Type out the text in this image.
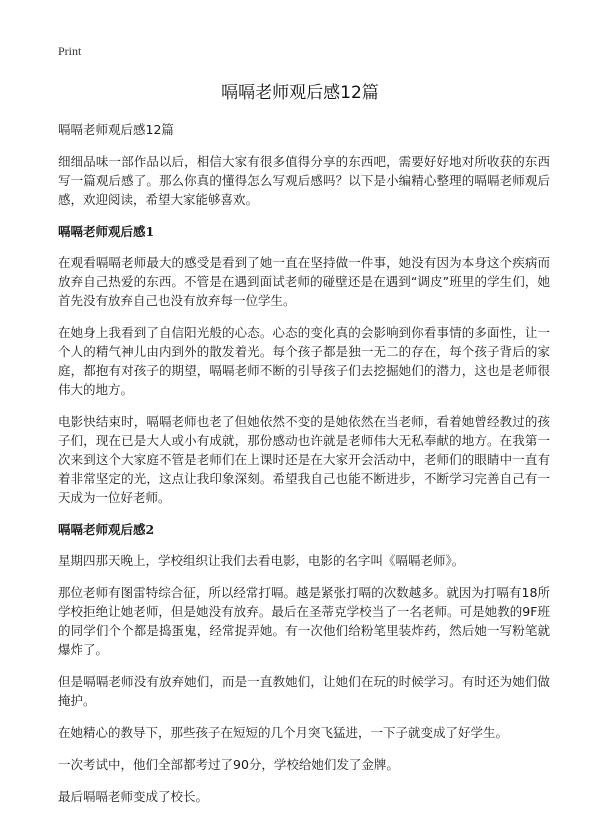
Print
嗝嗝老师观后感12篇

嗝嗝老师观后感12篇

细细品味一部作品以后，相信大家有很多值得分享的东西吧，需要好好地对所收获的东西写一篇观后感了。那么你真的懂得怎么写观后感吗？以下是小编精心整理的嗝嗝老师观后感，欢迎阅读，希望大家能够喜欢。

嗝嗝老师观后感1

在观看嗝嗝老师最大的感受是看到了她一直在坚持做一件事，她没有因为本身这个疾病而放弃自己热爱的东西。不管是在遇到面试老师的碰壁还是在遇到“调皮”班里的学生们，她首先没有放弃自己也没有放弃每一位学生。

在她身上我看到了自信阳光般的心态。心态的变化真的会影响到你看事情的多面性，让一个人的精气神儿由内到外的散发着光。每个孩子都是独一无二的存在，每个孩子背后的家庭，都抱有对孩子的期望，嗝嗝老师不断的引导孩子们去挖掘她们的潜力，这也是老师很伟大的地方。

电影快结束时，嗝嗝老师也老了但她依然不变的是她依然在当老师，看着她曾经教过的孩子们，现在已是大人或小有成就，那份感动也许就是老师伟大无私奉献的地方。在我第一次来到这个大家庭不管是老师们在上课时还是在大家开会活动中，老师们的眼睛中一直有着非常坚定的光，这点让我印象深刻。希望我自己也能不断进步，不断学习完善自己有一天成为一位好老师。

嗝嗝老师观后感2

星期四那天晚上，学校组织让我们去看电影，电影的名字叫《嗝嗝老师》。

那位老师有图雷特综合征，所以经常打嗝。越是紧张打嗝的次数越多。就因为打嗝有18所学校拒绝让她老师，但是她没有放弃。最后在圣蒂克学校当了一名老师。可是她教的9F班的同学们个个都是捣蛋鬼，经常捉弄她。有一次他们给粉笔里装炸药，然后她一写粉笔就爆炸了。

但是嗝嗝老师没有放弃她们，而是一直教她们，让她们在玩的时候学习。有时还为她们做掩护。

在她精心的教导下，那些孩子在短短的几个月突飞猛进，一下子就变成了好学生。

一次考试中，他们全部都考过了90分，学校给她们发了金牌。

最后嗝嗝老师变成了校长。
